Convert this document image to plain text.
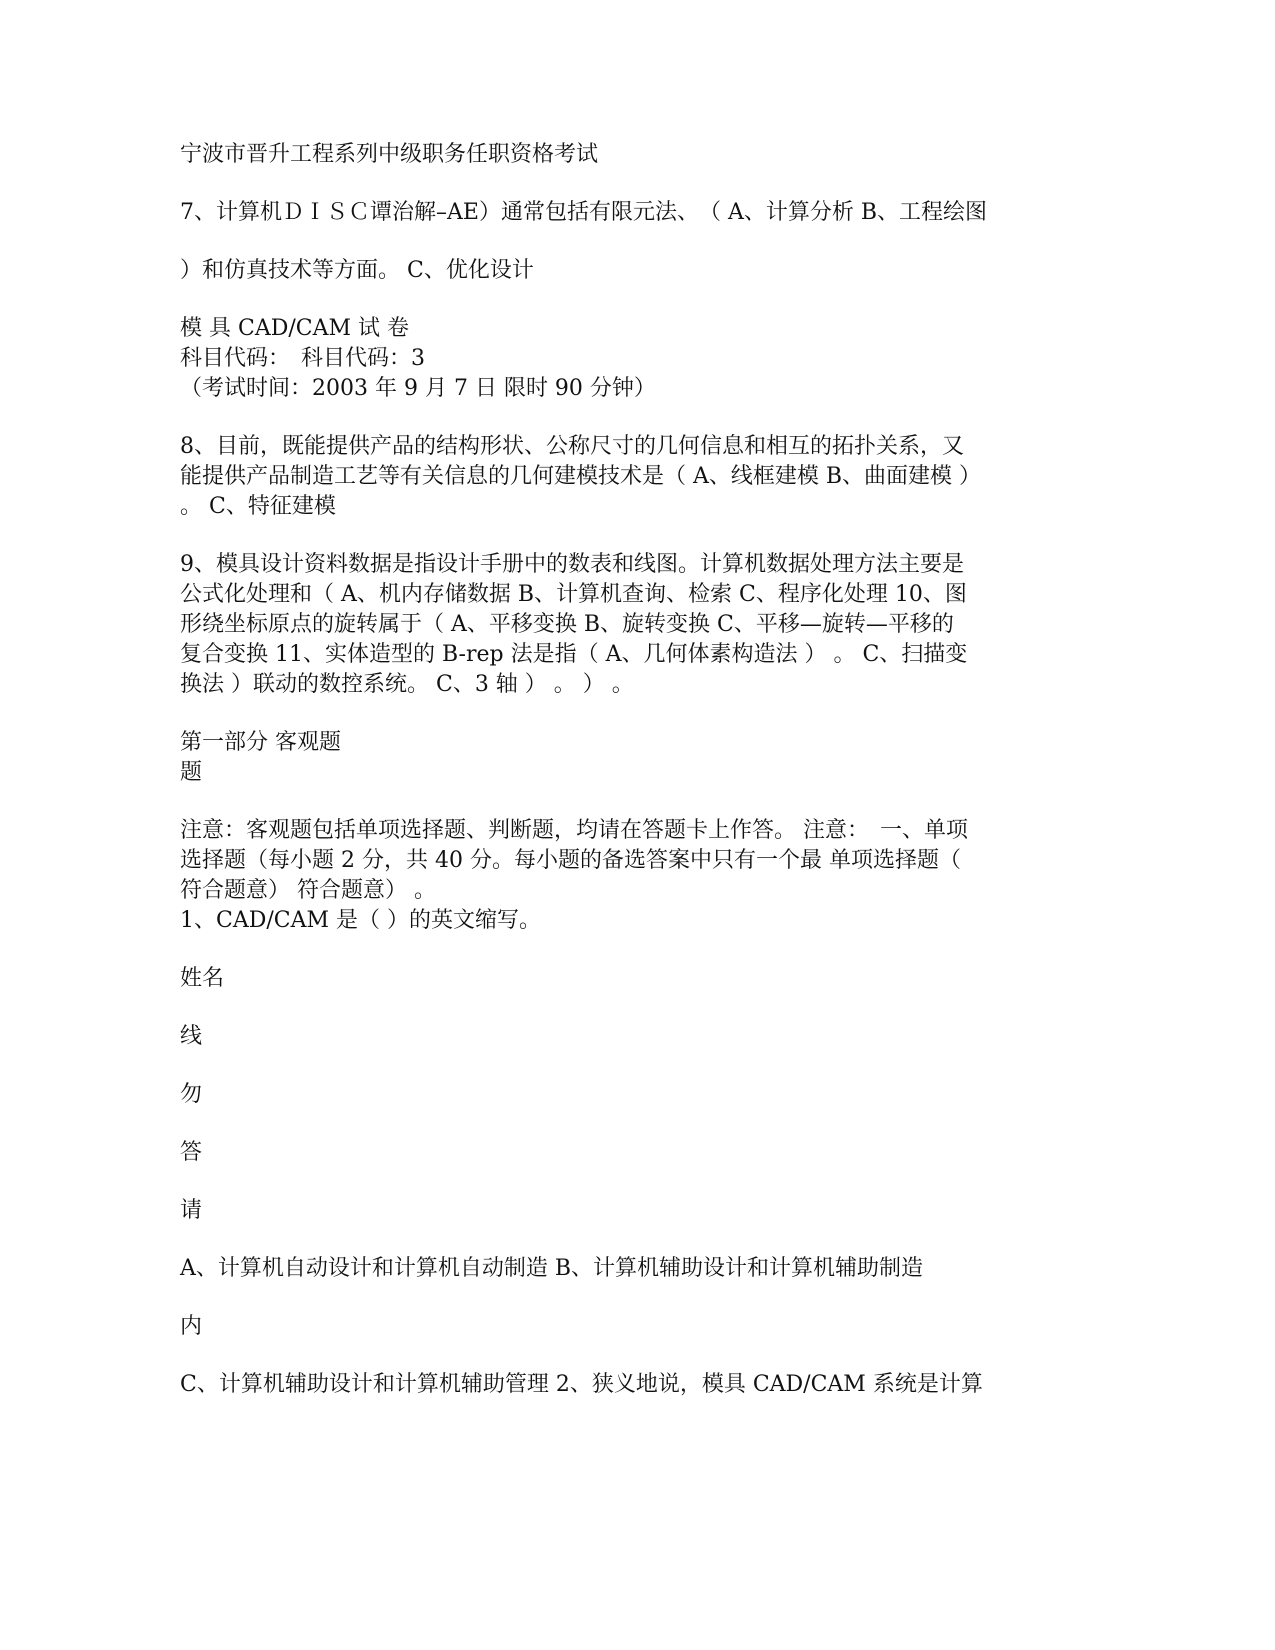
宁波市晋升工程系列中级职务任职资格考试
7、计算机ＤＩＳＣ谭治解–AE）通常包括有限元法、　（ A、计算分析 B、工程绘图
）和仿真技术等方面。 C、优化设计
模 具 CAD/CAM 试 卷
科目代码：　科目代码：3
（考试时间：2003 年 9 月 7 日 限时 90 分钟）
8、目前，既能提供产品的结构形状、公称尺寸的几何信息和相互的拓扑关系，又
能提供产品制造工艺等有关信息的几何建模技术是（ A、线框建模 B、曲面建模 ）
。 C、特征建模
9、模具设计资料数据是指设计手册中的数表和线图。计算机数据处理方法主要是
公式化处理和（ A、机内存储数据 B、计算机查询、检索 C、程序化处理 10、图
形绕坐标原点的旋转属于（ A、平移变换 B、旋转变换 C、平移—旋转—平移的
复合变换 11、实体造型的 B-rep 法是指（ A、几何体素构造法 ） 。 C、扫描变
换法 ）联动的数控系统。 C、3 轴 ） 。 ） 。
第一部分 客观题
题
注意：客观题包括单项选择题、判断题，均请在答题卡上作答。 注意：　一、单项
选择题（每小题 2 分，共 40 分。每小题的备选答案中只有一个最 单项选择题（
符合题意） 符合题意） 。
1、CAD/CAM 是（ ）的英文缩写。
姓名
线
勿
答
请
A、计算机自动设计和计算机自动制造 B、计算机辅助设计和计算机辅助制造
内
C、计算机辅助设计和计算机辅助管理 2、狭义地说，模具 CAD/CAM 系统是计算
